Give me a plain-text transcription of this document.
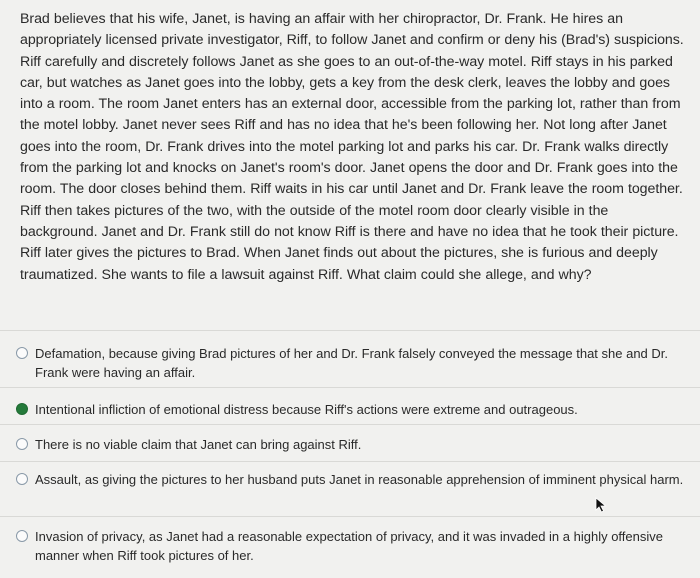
Brad believes that his wife, Janet, is having an affair with her chiropractor, Dr. Frank. He hires an appropriately licensed private investigator, Riff, to follow Janet and confirm or deny his (Brad's) suspicions. Riff carefully and discretely follows Janet as she goes to an out-of-the-way motel. Riff stays in his parked car, but watches as Janet goes into the lobby, gets a key from the desk clerk, leaves the lobby and goes into a room. The room Janet enters has an external door, accessible from the parking lot, rather than from the motel lobby. Janet never sees Riff and has no idea that he's been following her. Not long after Janet goes into the room, Dr. Frank drives into the motel parking lot and parks his car. Dr. Frank walks directly from the parking lot and knocks on Janet's room's door. Janet opens the door and Dr. Frank goes into the room. The door closes behind them. Riff waits in his car until Janet and Dr. Frank leave the room together. Riff then takes pictures of the two, with the outside of the motel room door clearly visible in the background. Janet and Dr. Frank still do not know Riff is there and have no idea that he took their picture. Riff later gives the pictures to Brad. When Janet finds out about the pictures, she is furious and deeply traumatized. She wants to file a lawsuit against Riff. What claim could she allege, and why?
Defamation, because giving Brad pictures of her and Dr. Frank falsely conveyed the message that she and Dr. Frank were having an affair.
Intentional infliction of emotional distress because Riff's actions were extreme and outrageous.
There is no viable claim that Janet can bring against Riff.
Assault, as giving the pictures to her husband puts Janet in reasonable apprehension of imminent physical harm.
Invasion of privacy, as Janet had a reasonable expectation of privacy, and it was invaded in a highly offensive manner when Riff took pictures of her.
